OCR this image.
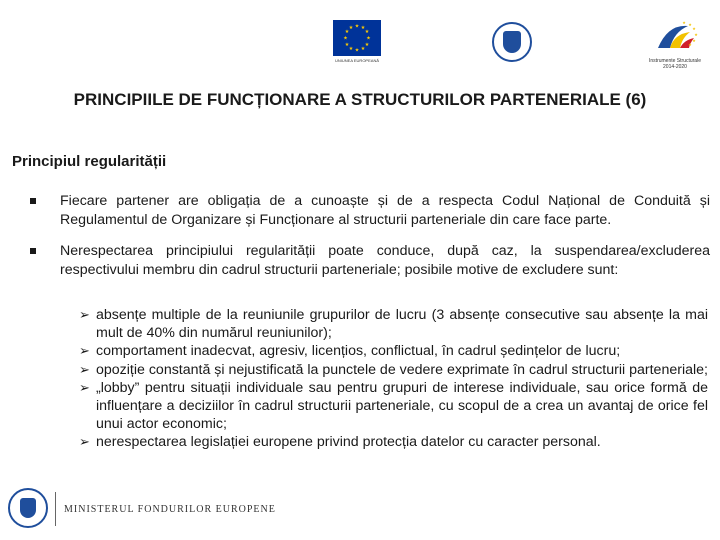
★ ★
★
★
★
★
★
★
★
★
★
★
UNIUNEA EUROPEANĂ
★ ★
★
★
★
★
Instrumente Structurale
2014-2020
PRINCIPIILE DE FUNCȚIONARE A STRUCTURILOR PARTENERIALE (6)
Principiul regularității
Fiecare partener are obligația de a cunoaște și de a respecta Codul Național de Conduită și Regulamentul de Organizare și Funcționare al structurii parteneriale din care face parte.
Nerespectarea principiului regularității poate conduce, după caz, la suspendarea/excluderea respectivului membru din cadrul structurii parteneriale; posibile motive de excludere sunt:
➢ absențe multiple de la reuniunile grupurilor de lucru (3 absențe consecutive sau absențe la mai mult de 40% din numărul reuniunilor);
➢ comportament inadecvat, agresiv, licențios, conflictual, în cadrul ședințelor de lucru;
➢ opoziție constantă și nejustificată la punctele de vedere exprimate în cadrul structurii parteneriale;
➢ „lobby” pentru situații individuale sau pentru grupuri de interese individuale, sau orice formă de influențare a deciziilor în cadrul structurii parteneriale, cu scopul de a crea un avantaj de orice fel unui actor economic;
➢ nerespectarea legislației europene privind protecția datelor cu caracter personal.
MINISTERUL FONDURILOR EUROPENE
